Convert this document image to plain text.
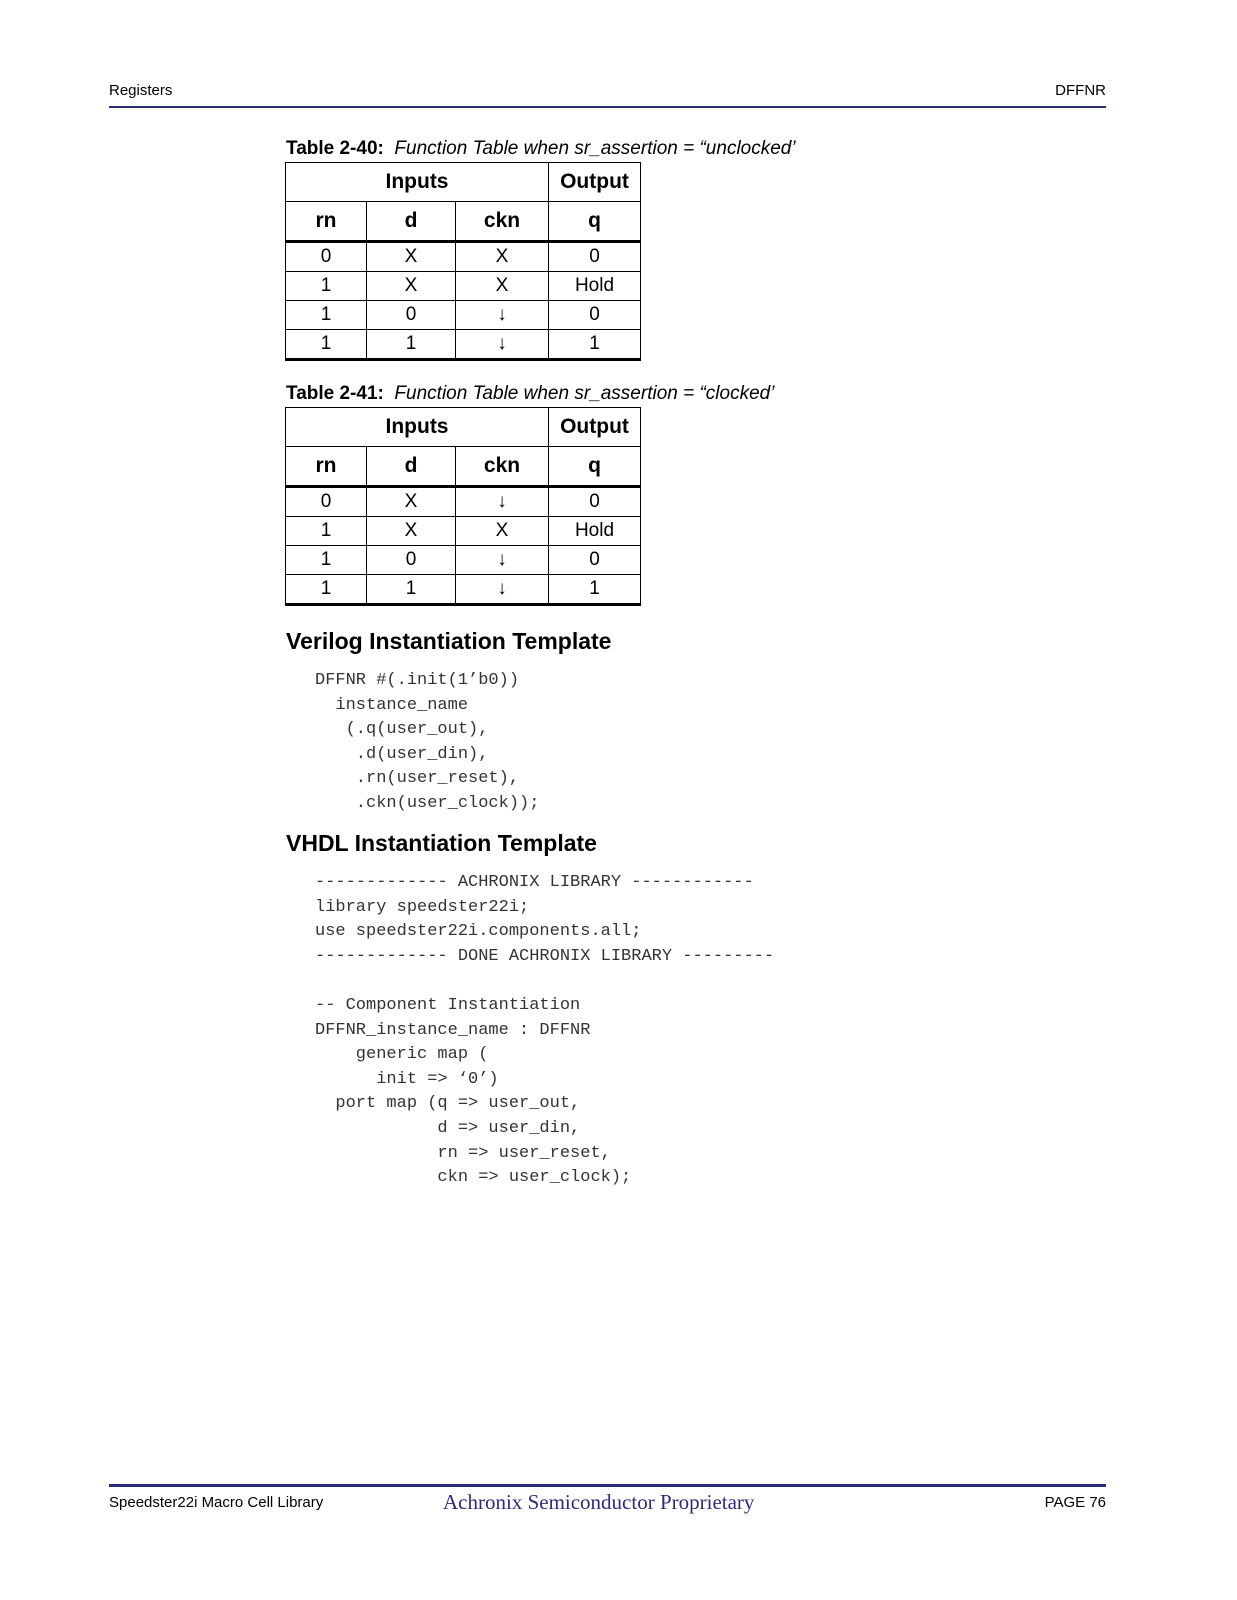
Registers	DFFNR
Table 2-40: Function Table when sr_assertion = “unclocked’
Inputs			Output
rn	d	ckn	q
0	X	X	0
1	X	X	Hold
1	0	↓	0
1	1	↓	1
Table 2-41: Function Table when sr_assertion = “clocked’
Inputs			Output
rn	d	ckn	q
0	X	↓	0
1	X	X	Hold
1	0	↓	0
1	1	↓	1
Verilog Instantiation Template
DFFNR #(.init(1’b0))
instance_name
(.q(user_out),
.d(user_din),
.rn(user_reset),
.ckn(user_clock));
VHDL Instantiation Template
------------- ACHRONIX LIBRARY ------------
library speedster22i;
use speedster22i.components.all;
------------- DONE ACHRONIX LIBRARY ---------

-- Component Instantiation
DFFNR_instance_name : DFFNR
generic map (
init => ‘0’)
port map (q => user_out,
d => user_din,
rn => user_reset,
ckn => user_clock);
Speedster22i Macro Cell Library	Achronix Semiconductor Proprietary	PAGE 76
